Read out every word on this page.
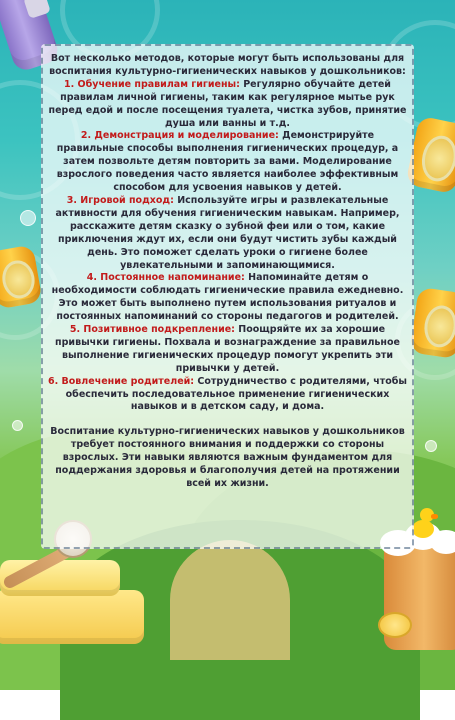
Вот несколько методов, которые могут быть использованы для воспитания культурно-гигиенических навыков у дошкольников:

1. Обучение правилам гигиены: Регулярно обучайте детей правилам личной гигиены, таким как регулярное мытье рук перед едой и после посещения туалета, чистка зубов, принятие душа или ванны и т.д.

2. Демонстрация и моделирование: Демонстрируйте правильные способы выполнения гигиенических процедур, а затем позвольте детям повторить за вами. Моделирование взрослого поведения часто является наиболее эффективным способом для усвоения навыков у детей.

3. Игровой подход: Используйте игры и развлекательные активности для обучения гигиеническим навыкам. Например, расскажите детям сказку о зубной феи или о том, какие приключения ждут их, если они будут чистить зубы каждый день. Это поможет сделать уроки о гигиене более увлекательными и запоминающимися.

4. Постоянное напоминание: Напоминайте детям о необходимости соблюдать гигиенические правила ежедневно. Это может быть выполнено путем использования ритуалов и постоянных напоминаний со стороны педагогов и родителей.

5. Позитивное подкрепление: Поощряйте их за хорошие привычки гигиены. Похвала и вознаграждение за правильное выполнение гигиенических процедур помогут укрепить эти привычки у детей.

6. Вовлечение родителей: Сотрудничество с родителями, чтобы обеспечить последовательное применение гигиенических навыков и в детском саду, и дома.

Воспитание культурно-гигиенических навыков у дошкольников требует постоянного внимания и поддержки со стороны взрослых. Эти навыки являются важным фундаментом для поддержания здоровья и благополучия детей на протяжении всей их жизни.
